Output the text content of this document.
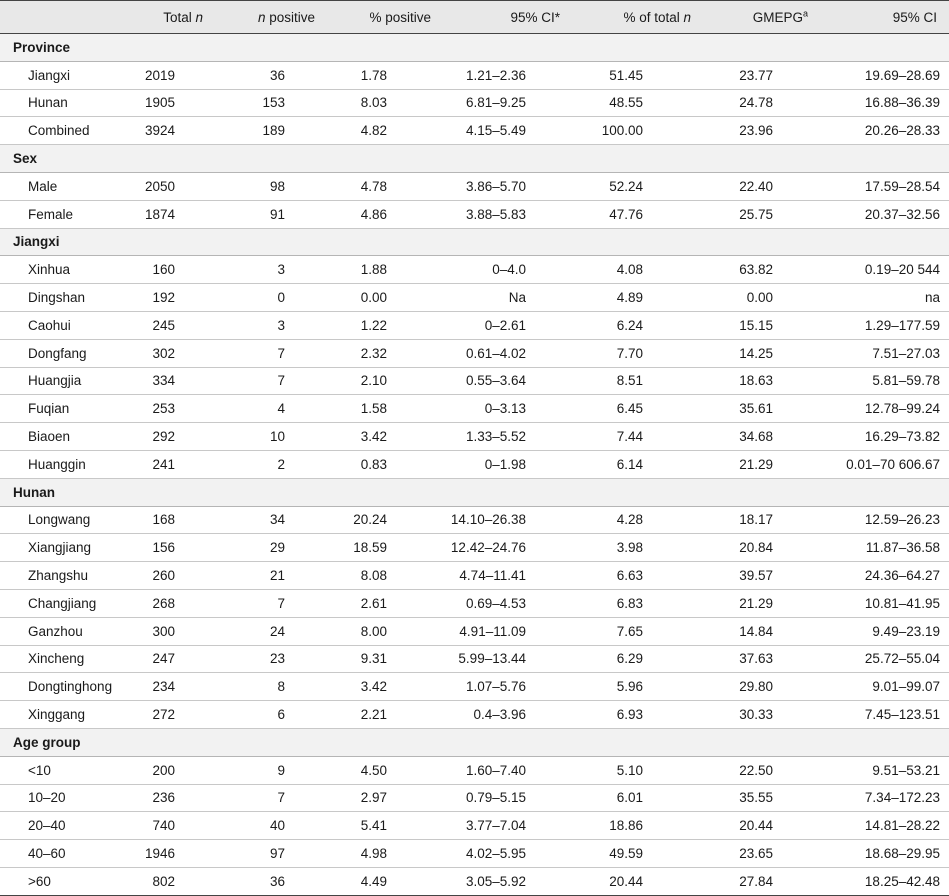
	Total n	n positive	% positive	95% CI*	% of total n	GMEPG$^a$	95% CI
Province							
Jiangxi	2019	36	1.78	1.21–2.36	51.45	23.77	19.69–28.69
Hunan	1905	153	8.03	6.81–9.25	48.55	24.78	16.88–36.39
Combined	3924	189	4.82	4.15–5.49	100.00	23.96	20.26–28.33
Sex							
Male	2050	98	4.78	3.86–5.70	52.24	22.40	17.59–28.54
Female	1874	91	4.86	3.88–5.83	47.76	25.75	20.37–32.56
Jiangxi							
Xinhua	160	3	1.88	0–4.0	4.08	63.82	0.19–20 544
Dingshan	192	0	0.00	Na	4.89	0.00	na
Caohui	245	3	1.22	0–2.61	6.24	15.15	1.29–177.59
Dongfang	302	7	2.32	0.61–4.02	7.70	14.25	7.51–27.03
Huangjia	334	7	2.10	0.55–3.64	8.51	18.63	5.81–59.78
Fuqian	253	4	1.58	0–3.13	6.45	35.61	12.78–99.24
Biaoen	292	10	3.42	1.33–5.52	7.44	34.68	16.29–73.82
Huanggin	241	2	0.83	0–1.98	6.14	21.29	0.01–70 606.67
Hunan							
Longwang	168	34	20.24	14.10–26.38	4.28	18.17	12.59–26.23
Xiangjiang	156	29	18.59	12.42–24.76	3.98	20.84	11.87–36.58
Zhangshu	260	21	8.08	4.74–11.41	6.63	39.57	24.36–64.27
Changjiang	268	7	2.61	0.69–4.53	6.83	21.29	10.81–41.95
Ganzhou	300	24	8.00	4.91–11.09	7.65	14.84	9.49–23.19
Xincheng	247	23	9.31	5.99–13.44	6.29	37.63	25.72–55.04
Dongtinghong	234	8	3.42	1.07–5.76	5.96	29.80	9.01–99.07
Xinggang	272	6	2.21	0.4–3.96	6.93	30.33	7.45–123.51
Age group							
<10	200	9	4.50	1.60–7.40	5.10	22.50	9.51–53.21
10–20	236	7	2.97	0.79–5.15	6.01	35.55	7.34–172.23
20–40	740	40	5.41	3.77–7.04	18.86	20.44	14.81–28.22
40–60	1946	97	4.98	4.02–5.95	49.59	23.65	18.68–29.95
>60	802	36	4.49	3.05–5.92	20.44	27.84	18.25–42.48
